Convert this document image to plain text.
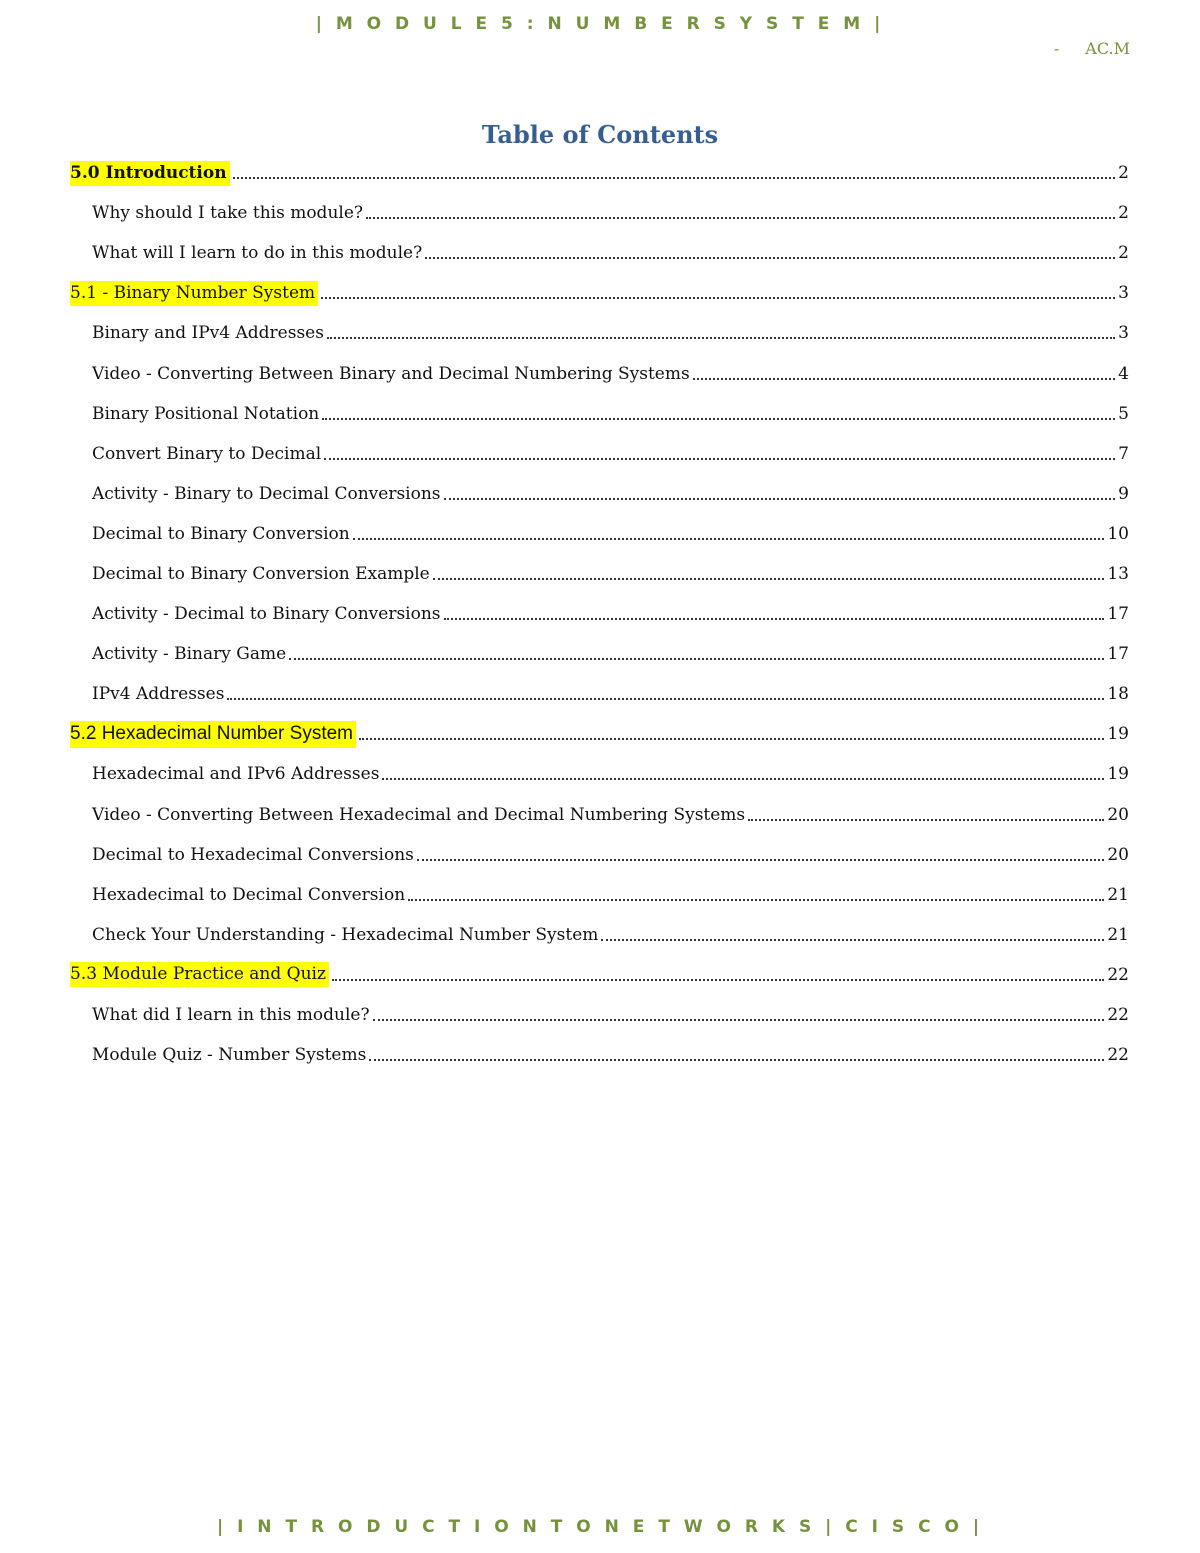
| M O D U L E 5 : N U M B E R S Y S T E M |
- AC.M
Table of Contents
5.0 Introduction	2
Why should I take this module?	2
What will I learn to do in this module?	2
5.1 - Binary Number System	3
Binary and IPv4 Addresses	3
Video - Converting Between Binary and Decimal Numbering Systems	4
Binary Positional Notation	5
Convert Binary to Decimal	7
Activity - Binary to Decimal Conversions	9
Decimal to Binary Conversion	10
Decimal to Binary Conversion Example	13
Activity - Decimal to Binary Conversions	17
Activity - Binary Game	17
IPv4 Addresses	18
5.2 Hexadecimal Number System	19
Hexadecimal and IPv6 Addresses	19
Video - Converting Between Hexadecimal and Decimal Numbering Systems	20
Decimal to Hexadecimal Conversions	20
Hexadecimal to Decimal Conversion	21
Check Your Understanding - Hexadecimal Number System	21
5.3 Module Practice and Quiz	22
What did I learn in this module?	22
Module Quiz - Number Systems	22
| I N T R O D U C T I O N T O N E T W O R K S | C I S C O |
